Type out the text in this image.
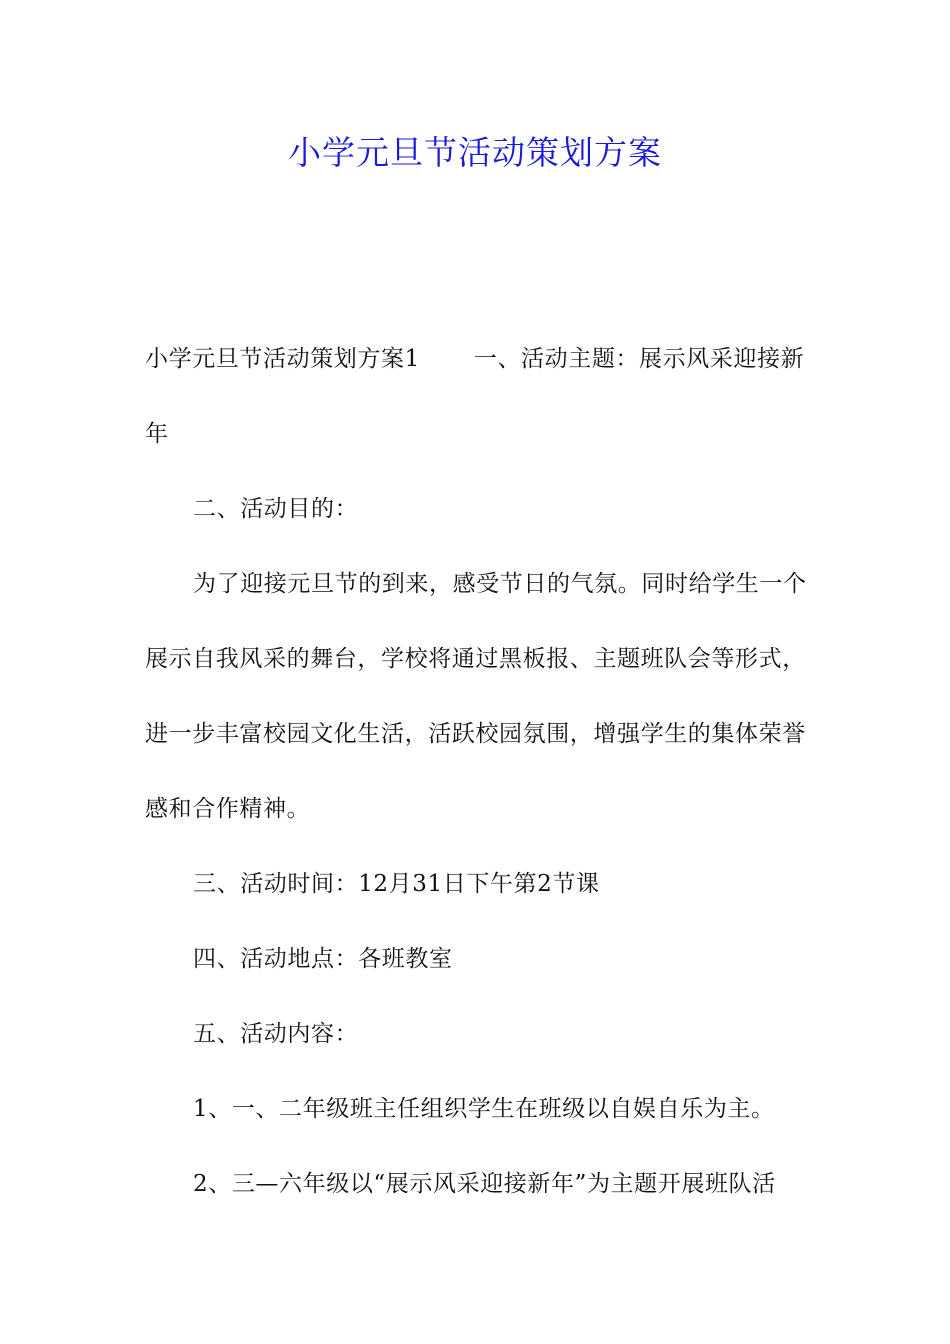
小学元旦节活动策划方案

小学元旦节活动策划方案1 一、活动主题：展示风采迎接新年

二、活动目的：

为了迎接元旦节的到来，感受节日的气氛。同时给学生一个展示自我风采的舞台，学校将通过黑板报、主题班队会等形式，进一步丰富校园文化生活，活跃校园氛围，增强学生的集体荣誉感和合作精神。

三、活动时间：12月31日下午第2节课

四、活动地点：各班教室

五、活动内容：

1、一、二年级班主任组织学生在班级以自娱自乐为主。

2、三—六年级以“展示风采迎接新年”为主题开展班队活
